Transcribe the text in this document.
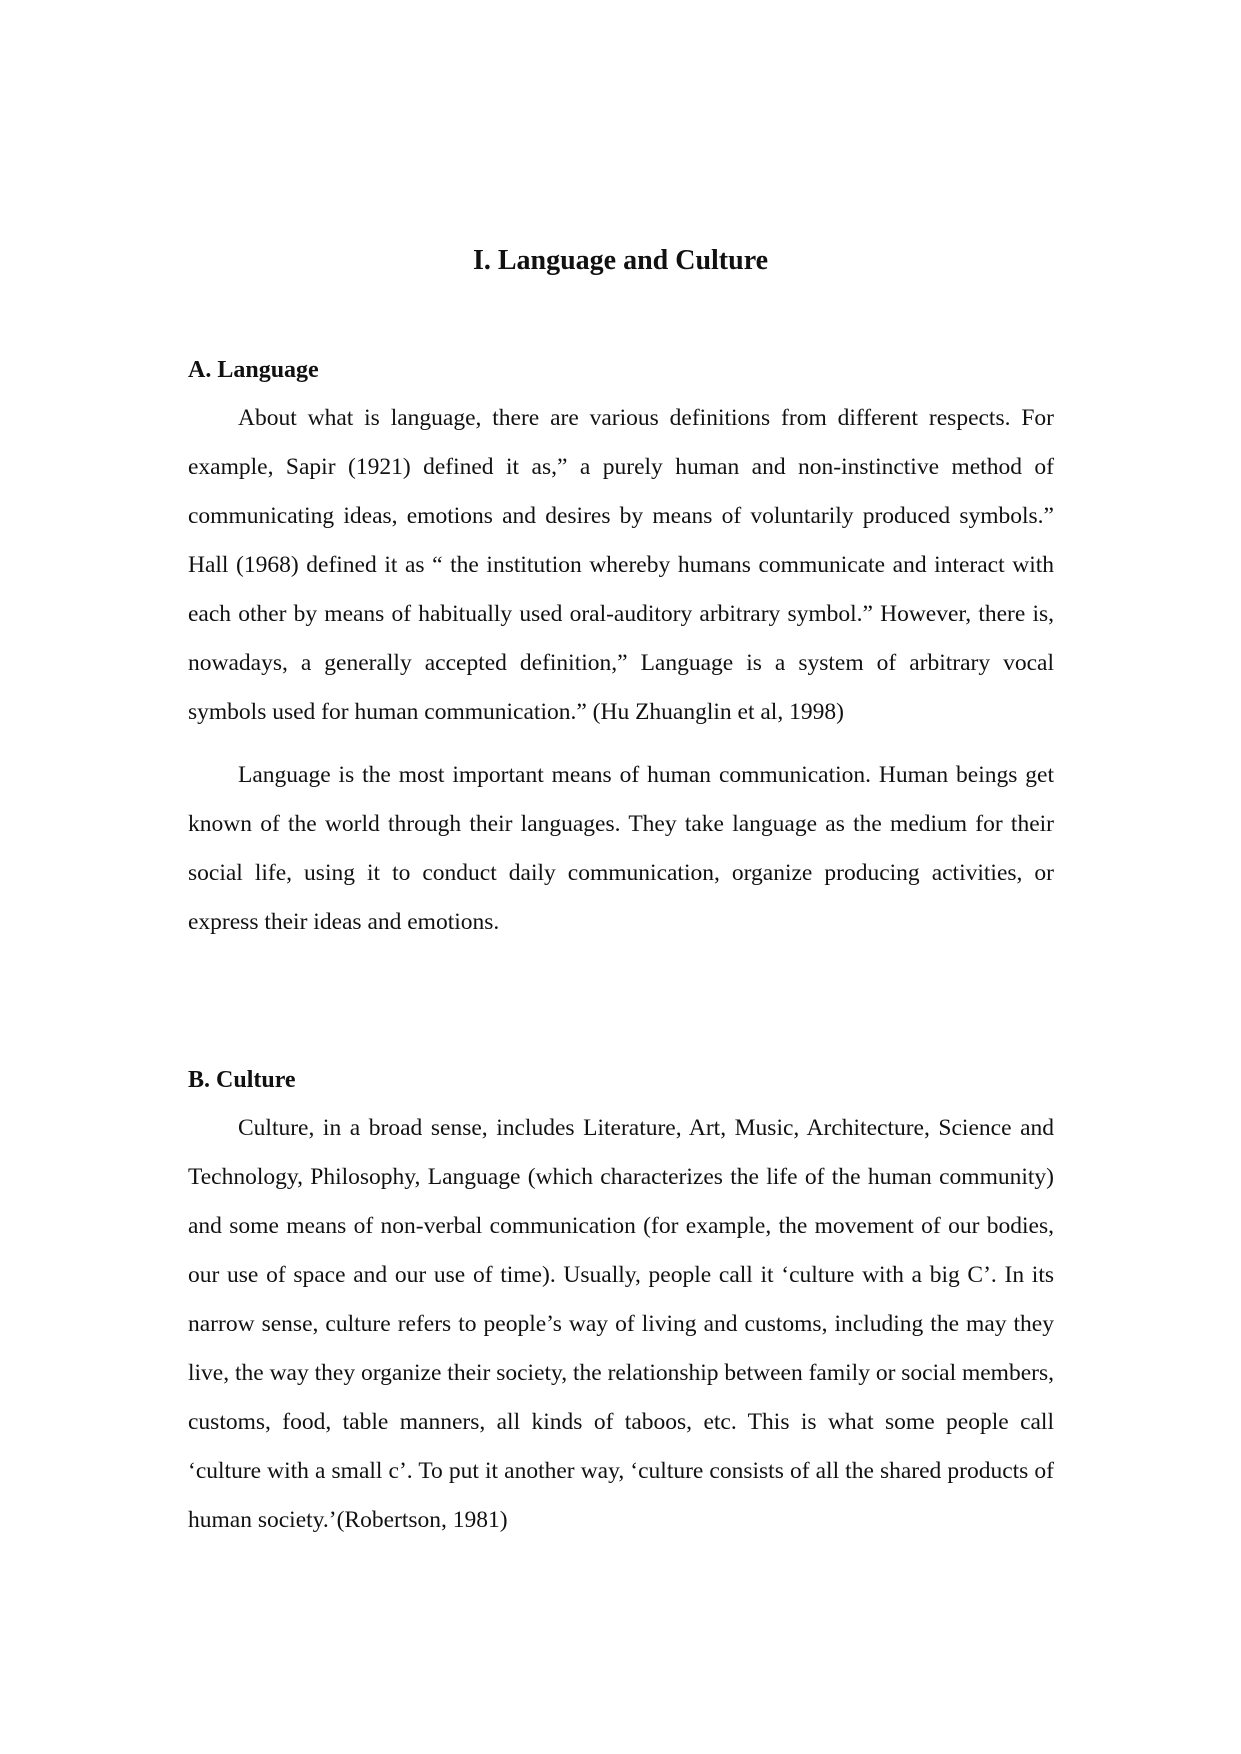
I. Language and Culture
A. Language

About what is language, there are various definitions from different respects. For example, Sapir (1921) defined it as,” a purely human and non-instinctive method of communicating ideas, emotions and desires by means of voluntarily produced symbols.” Hall (1968) defined it as “ the institution whereby humans communicate and interact with each other by means of habitually used oral-auditory arbitrary symbol.” However, there is, nowadays, a generally accepted definition,” Language is a system of arbitrary vocal symbols used for human communication.” (Hu Zhuanglin et al, 1998)

Language is the most important means of human communication. Human beings get known of the world through their languages. They take language as the medium for their social life, using it to conduct daily communication, organize producing activities, or express their ideas and emotions.

B. Culture

Culture, in a broad sense, includes Literature, Art, Music, Architecture, Science and Technology, Philosophy, Language (which characterizes the life of the human community) and some means of non-verbal communication (for example, the movement of our bodies, our use of space and our use of time). Usually, people call it ‘culture with a big C’. In its narrow sense, culture refers to people’s way of living and customs, including the may they live, the way they organize their society, the relationship between family or social members, customs, food, table manners, all kinds of taboos, etc. This is what some people call ‘culture with a small c’. To put it another way, ‘culture consists of all the shared products of human society.’(Robertson, 1981)
